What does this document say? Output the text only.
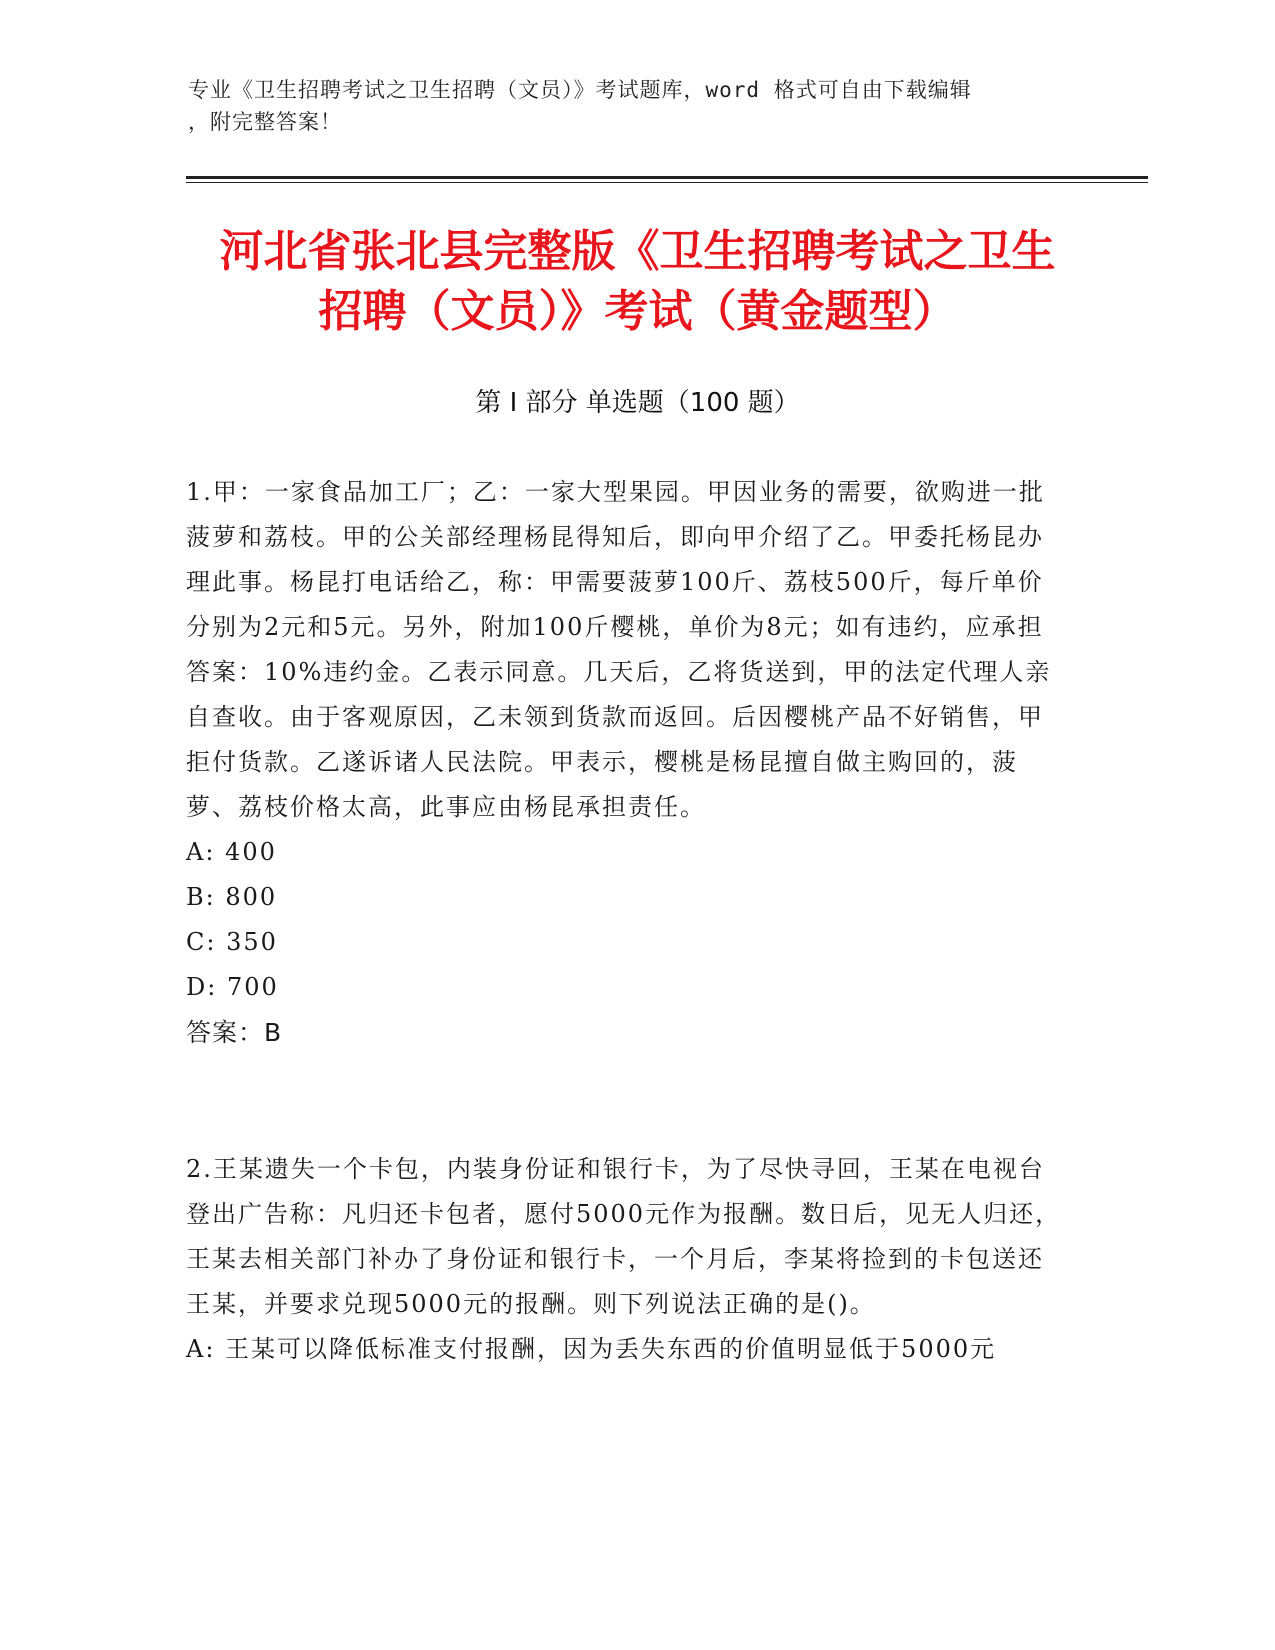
专业《卫生招聘考试之卫生招聘（文员）》考试题库，word 格式可自由下载编辑
，附完整答案！
河北省张北县完整版《卫生招聘考试之卫生
招聘（文员）》考试（黄金题型）
第 I 部分 单选题（100 题）

1.甲：一家食品加工厂；乙：一家大型果园。甲因业务的需要，欲购进一批菠萝和荔枝。甲的公关部经理杨昆得知后，即向甲介绍了乙。甲委托杨昆办理此事。杨昆打电话给乙，称：甲需要菠萝100斤、荔枝500斤，每斤单价分别为2元和5元。另外，附加100斤樱桃，单价为8元；如有违约，应承担答案：10%违约金。乙表示同意。几天后，乙将货送到，甲的法定代理人亲自查收。由于客观原因，乙未领到货款而返回。后因樱桃产品不好销售，甲拒付货款。乙遂诉诸人民法院。甲表示，樱桃是杨昆擅自做主购回的，菠萝、荔枝价格太高，此事应由杨昆承担责任。

A: 400

B: 800

C: 350

D: 700

答案：B

2.王某遗失一个卡包，内装身份证和银行卡，为了尽快寻回，王某在电视台登出广告称：凡归还卡包者，愿付5000元作为报酬。数日后，见无人归还，王某去相关部门补办了身份证和银行卡，一个月后，李某将捡到的卡包送还王某，并要求兑现5000元的报酬。则下列说法正确的是()。

A: 王某可以降低标准支付报酬，因为丢失东西的价值明显低于5000元
